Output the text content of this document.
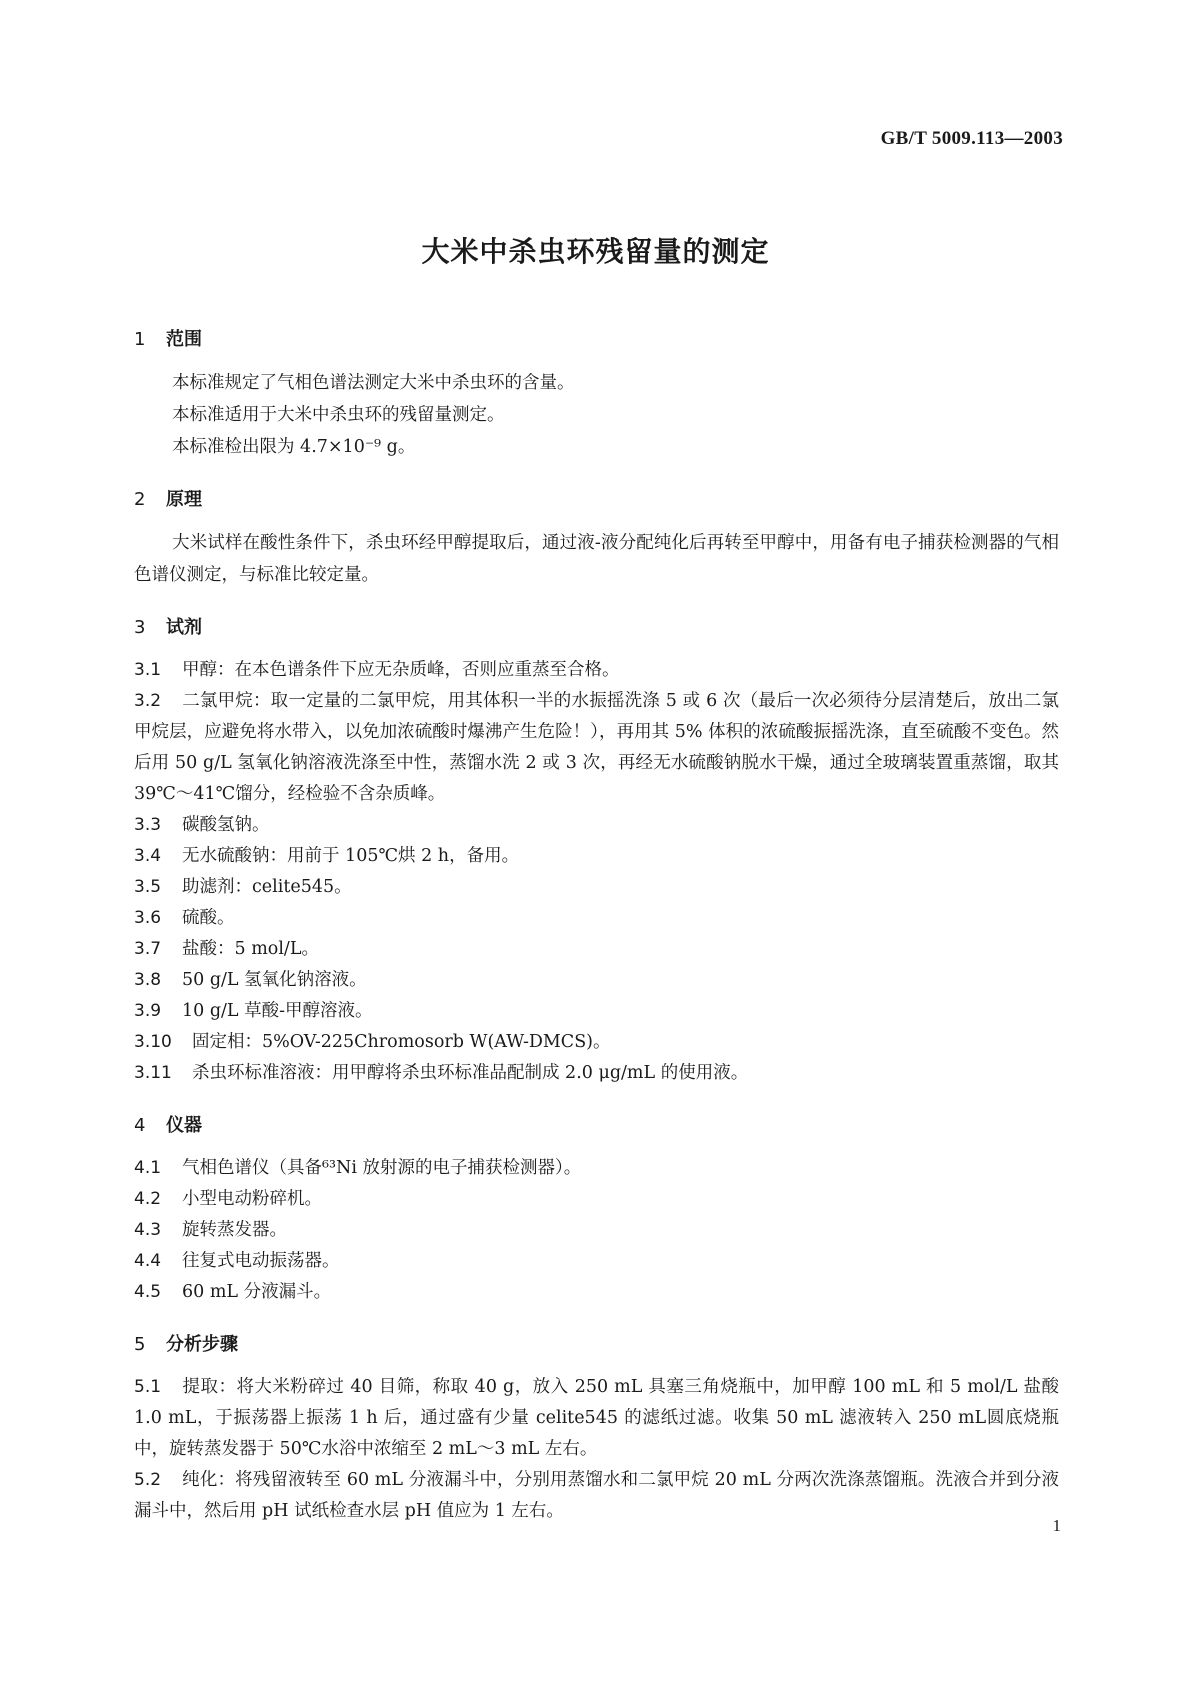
GB/T 5009.113—2003
大米中杀虫环残留量的测定
1 范围

本标准规定了气相色谱法测定大米中杀虫环的含量。

本标准适用于大米中杀虫环的残留量测定。

本标准检出限为 4.7×10⁻⁹ g。

2 原理

大米试样在酸性条件下，杀虫环经甲醇提取后，通过液-液分配纯化后再转至甲醇中，用备有电子捕获检测器的气相色谱仪测定，与标准比较定量。

3 试剂

3.1 甲醇：在本色谱条件下应无杂质峰，否则应重蒸至合格。

3.2 二氯甲烷：取一定量的二氯甲烷，用其体积一半的水振摇洗涤 5 或 6 次（最后一次必须待分层清楚后，放出二氯甲烷层，应避免将水带入，以免加浓硫酸时爆沸产生危险！），再用其 5% 体积的浓硫酸振摇洗涤，直至硫酸不变色。然后用 50 g/L 氢氧化钠溶液洗涤至中性，蒸馏水洗 2 或 3 次，再经无水硫酸钠脱水干燥，通过全玻璃装置重蒸馏，取其 39℃～41℃馏分，经检验不含杂质峰。

3.3 碳酸氢钠。

3.4 无水硫酸钠：用前于 105℃烘 2 h，备用。

3.5 助滤剂：celite545。

3.6 硫酸。

3.7 盐酸：5 mol/L。

3.8 50 g/L 氢氧化钠溶液。

3.9 10 g/L 草酸-甲醇溶液。

3.10 固定相：5%OV-225Chromosorb W(AW-DMCS)。

3.11 杀虫环标准溶液：用甲醇将杀虫环标准品配制成 2.0 μg/mL 的使用液。

4 仪器

4.1 气相色谱仪（具备⁶³Ni 放射源的电子捕获检测器）。

4.2 小型电动粉碎机。

4.3 旋转蒸发器。

4.4 往复式电动振荡器。

4.5 60 mL 分液漏斗。

5 分析步骤

5.1 提取：将大米粉碎过 40 目筛，称取 40 g，放入 250 mL 具塞三角烧瓶中，加甲醇 100 mL 和 5 mol/L 盐酸 1.0 mL，于振荡器上振荡 1 h 后，通过盛有少量 celite545 的滤纸过滤。收集 50 mL 滤液转入 250 mL圆底烧瓶中，旋转蒸发器于 50℃水浴中浓缩至 2 mL～3 mL 左右。

5.2 纯化：将残留液转至 60 mL 分液漏斗中，分别用蒸馏水和二氯甲烷 20 mL 分两次洗涤蒸馏瓶。洗液合并到分液漏斗中，然后用 pH 试纸检查水层 pH 值应为 1 左右。

1
